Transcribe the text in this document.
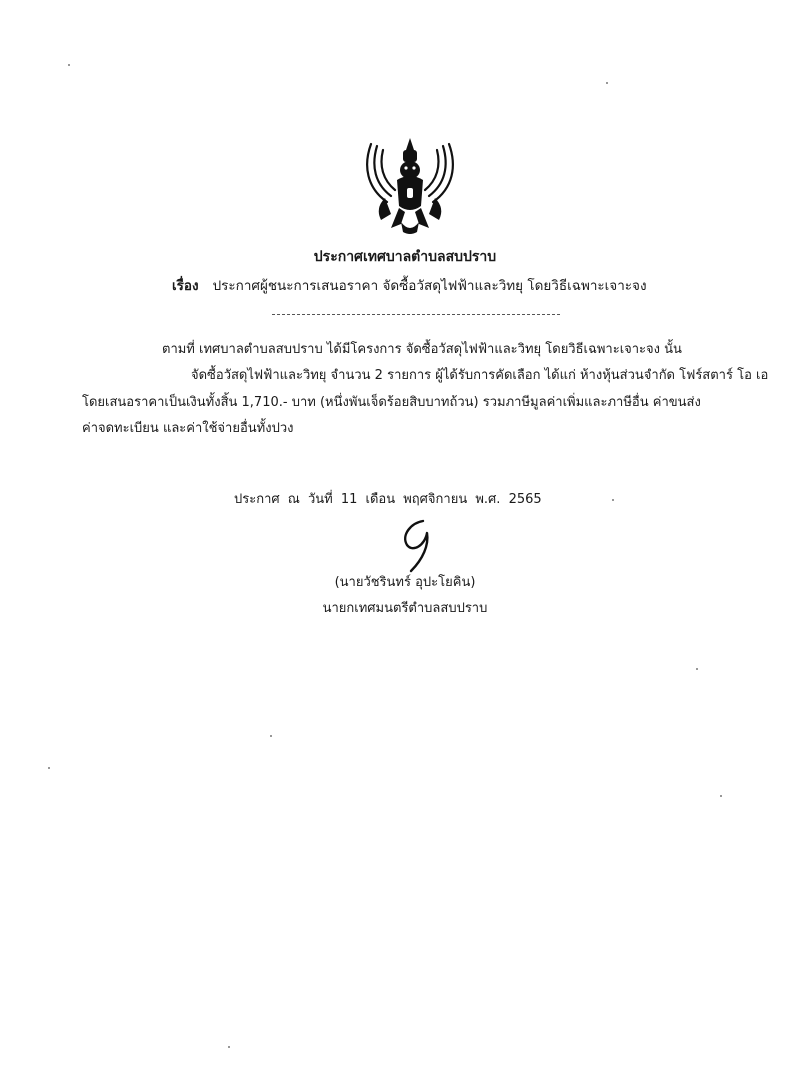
ประกาศเทศบาลตำบลสบปราบ
เรื่อง ประกาศผู้ชนะการเสนอราคา จัดซื้อวัสดุไฟฟ้าและวิทยุ โดยวิธีเฉพาะเจาะจง
ตามที่ เทศบาลตำบลสบปราบ ได้มีโครงการ จัดซื้อวัสดุไฟฟ้าและวิทยุ โดยวิธีเฉพาะเจาะจง นั้น
จัดซื้อวัสดุไฟฟ้าและวิทยุ จำนวน 2 รายการ ผู้ได้รับการคัดเลือก ได้แก่ ห้างหุ้นส่วนจำกัด โฟร์สตาร์ โอ เอ
โดยเสนอราคาเป็นเงินทั้งสิ้น 1,710.- บาท (หนึ่งพันเจ็ดร้อยสิบบาทถ้วน) รวมภาษีมูลค่าเพิ่มและภาษีอื่น ค่าขนส่ง
ค่าจดทะเบียน และค่าใช้จ่ายอื่นทั้งปวง
ประกาศ ณ วันที่ 11 เดือน พฤศจิกายน พ.ศ. 2565
(นายวัชรินทร์ อุปะโยคิน)
นายกเทศมนตรีตำบลสบปราบ
